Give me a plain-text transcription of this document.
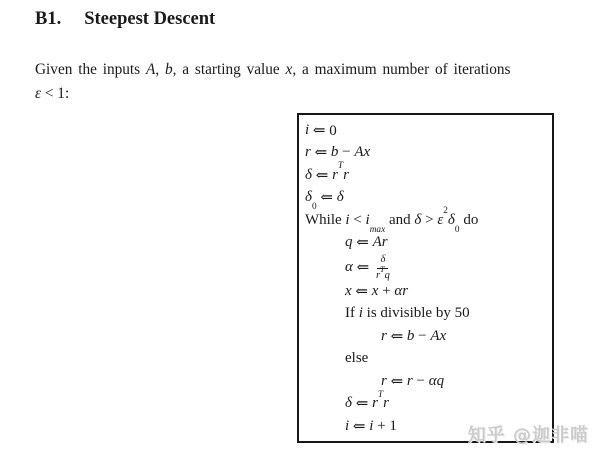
B1. Steepest Descent
Given the inputs A, b, a starting value x, a maximum number of iterations
ε < 1:
i ⇐ 0
r ⇐ b − Ax
δ ⇐ r
T
r
δ
0
⇐ δ
While i < i
max
and δ > ε
2
δ
0
do
q ⇐ Ar
α ⇐ δ
r
T
q
x ⇐ x + αr
If i is divisible by 50
r ⇐ b − Ax
else
r ⇐ r − αq
δ ⇐ r
T
r
i ⇐ i + 1	知乎 @迦非喵
